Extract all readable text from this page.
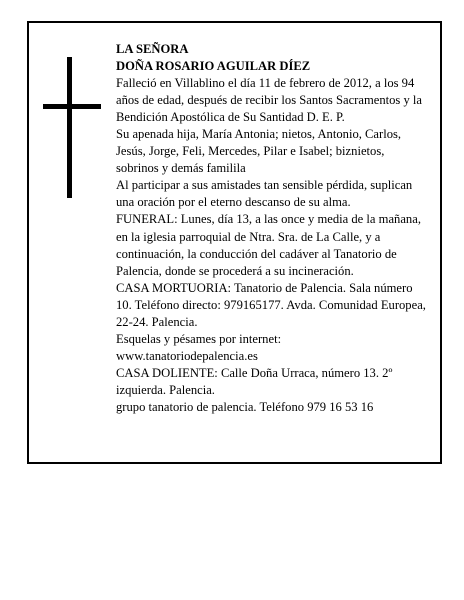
LA SEÑORA

DOÑA ROSARIO AGUILAR DÍEZ

Falleció en Villablino el día 11 de febrero de 2012, a los 94 años de edad, después de recibir los Santos Sacramentos y la Bendición Apostólica de Su Santidad D. E. P.

Su apenada hija, María Antonia; nietos, Antonio, Carlos, Jesús, Jorge, Feli, Mercedes, Pilar e Isabel; biznietos, sobrinos y demás familila

Al participar a sus amistades tan sensible pérdida, suplican una oración por el eterno descanso de su alma.

FUNERAL: Lunes, día 13, a las once y media de la mañana, en la iglesia parroquial de Ntra. Sra. de La Calle, y a continuación, la conducción del cadáver al Tanatorio de Palencia, donde se procederá a su incineración.

CASA MORTUORIA: Tanatorio de Palencia. Sala número 10. Teléfono directo: 979165177. Avda. Comunidad Europea, 22-24. Palencia.

Esquelas y pésames por internet:

www.tanatoriodepalencia.es

CASA DOLIENTE: Calle Doña Urraca, número 13. 2º izquierda. Palencia.

grupo tanatorio de palencia. Teléfono 979 16 53 16
